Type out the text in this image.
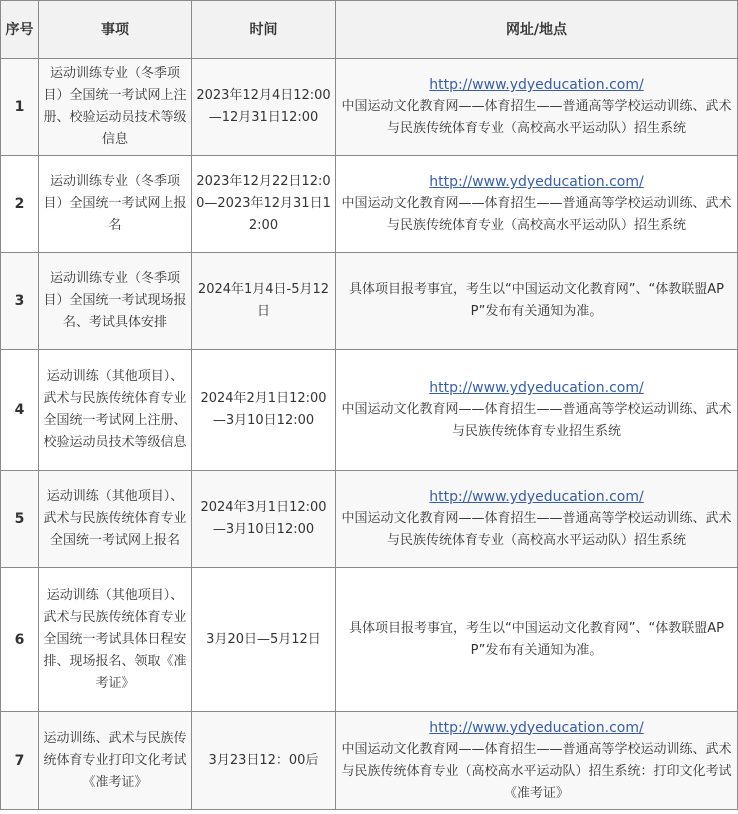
序号	事项	时间	网址/地点
1	运动训练专业（冬季项目）全国统一考试网上注册、校验运动员技术等级信息	2023年12月4日12:00—12月31日12:00	http://www.ydyeducation.com/
中国运动文化教育网——体育招生——普通高等学校运动训练、武术与民族传统体育专业（高校高水平运动队）招生系统

2	运动训练专业（冬季项目）全国统一考试网上报名	2023年12月22日12:00—2023年12月31日12:00	http://www.ydyeducation.com/
中国运动文化教育网——体育招生——普通高等学校运动训练、武术与民族传统体育专业（高校高水平运动队）招生系统

3	运动训练专业（冬季项目）全国统一考试现场报名、考试具体安排	2024年1月4日-5月12日	具体项目报考事宜，考生以“中国运动文化教育网”、“体教联盟APP”发布有关通知为准。

4	运动训练（其他项目）、武术与民族传统体育专业全国统一考试网上注册、校验运动员技术等级信息	2024年2月1日12:00—3月10日12:00	http://www.ydyeducation.com/
中国运动文化教育网——体育招生——普通高等学校运动训练、武术与民族传统体育专业招生系统

5	运动训练（其他项目）、武术与民族传统体育专业全国统一考试网上报名	2024年3月1日12:00—3月10日12:00	http://www.ydyeducation.com/
中国运动文化教育网——体育招生——普通高等学校运动训练、武术与民族传统体育专业（高校高水平运动队）招生系统

6	运动训练（其他项目）、武术与民族传统体育专业全国统一考试具体日程安排、现场报名、领取《准考证》	3月20日—5月12日	具体项目报考事宜，考生以“中国运动文化教育网”、“体教联盟APP”发布有关通知为准。

7	运动训练、武术与民族传统体育专业打印文化考试《准考证》	3月23日12：00后	http://www.ydyeducation.com/
中国运动文化教育网——体育招生——普通高等学校运动训练、武术与民族传统体育专业（高校高水平运动队）招生系统：打印文化考试《准考证》
